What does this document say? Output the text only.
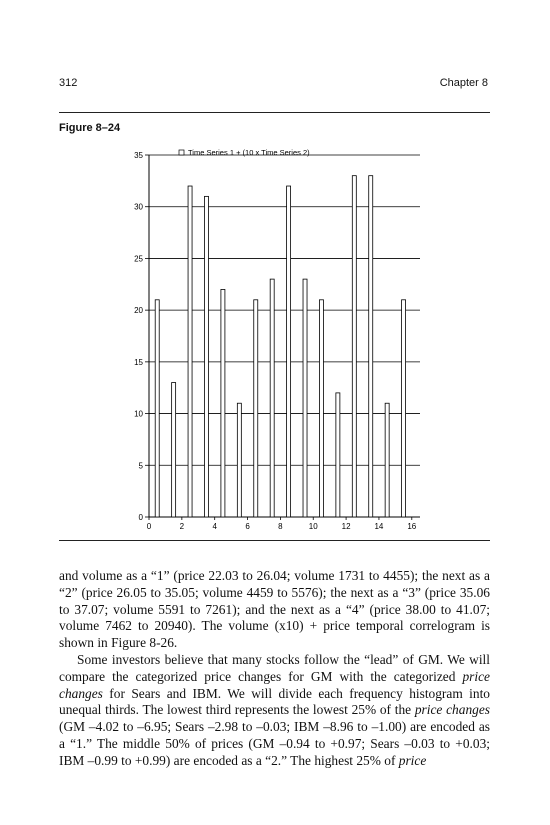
312	Chapter 8
Figure 8–24
0
5
10
15
20
25
30
35
0	2	4	6	8	10	12	14	16
Time Series 1 + (10 x Time Series 2)

and volume as a “1” (price 22.03 to 26.04; volume 1731 to 4455); the next as a “2” (price 26.05 to 35.05; volume 4459 to 5576); the next as a “3” (price 35.06 to 37.07; volume 5591 to 7261); and the next as a “4” (price 38.00 to 41.07; volume 7462 to 20940). The volume (x10) + price temporal correlogram is shown in Figure 8-26.

Some investors believe that many stocks follow the “lead” of GM. We will compare the categorized price changes for GM with the categorized price changes for Sears and IBM. We will divide each frequency histogram into unequal thirds. The lowest third represents the lowest 25% of the price changes (GM –4.02 to –6.95; Sears –2.98 to –0.03; IBM –8.96 to –1.00) are encoded as a “1.” The middle 50% of prices (GM –0.94 to +0.97; Sears –0.03 to +0.03; IBM –0.99 to +0.99) are encoded as a “2.” The highest 25% of price
